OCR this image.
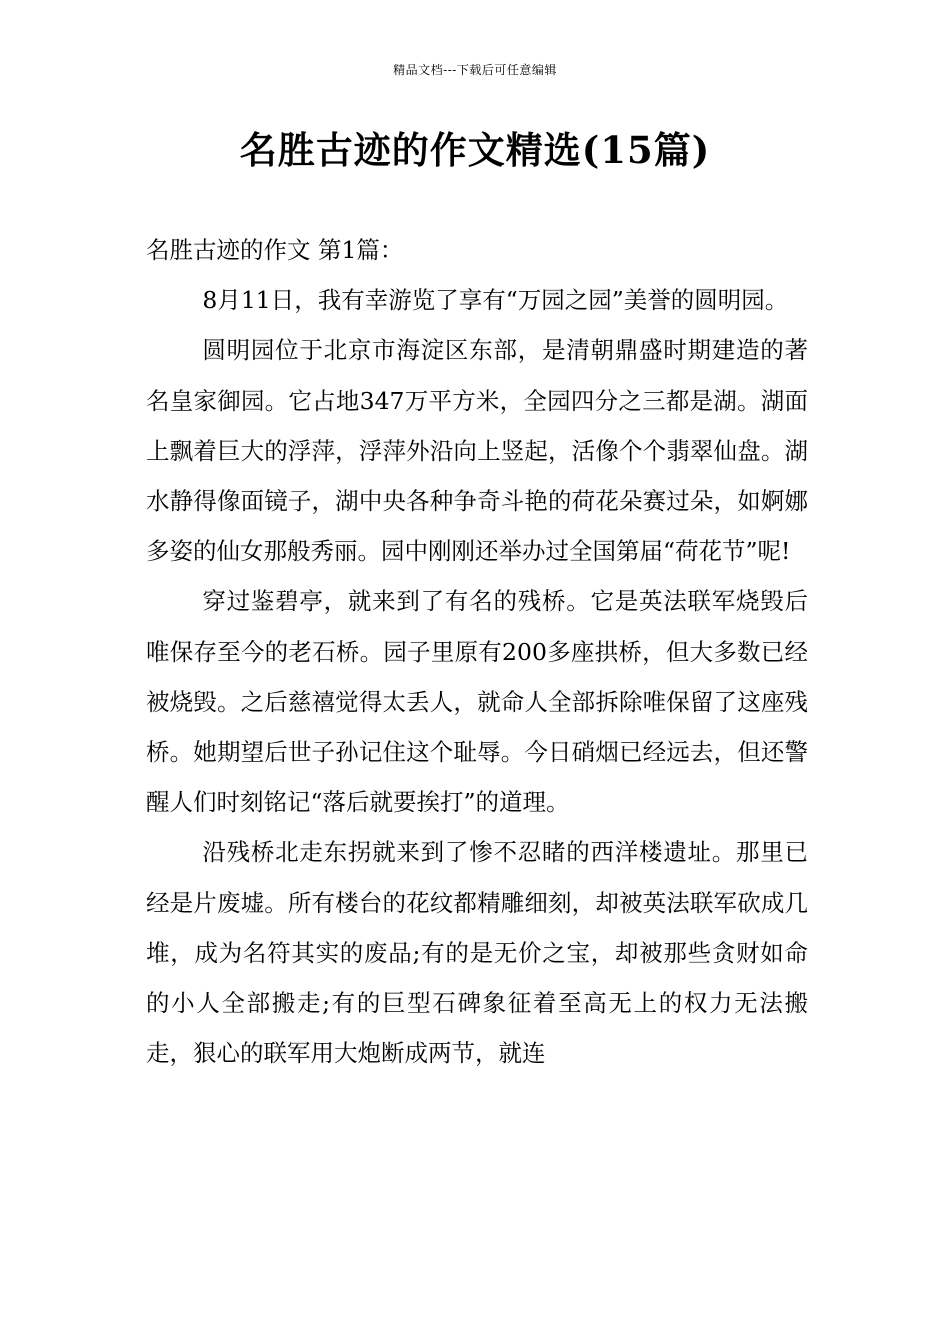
精品文档---下载后可任意编辑
名胜古迹的作文精选(15篇)

名胜古迹的作文 第1篇：

8月11日，我有幸游览了享有“万园之园”美誉的圆明园。

圆明园位于北京市海淀区东部，是清朝鼎盛时期建造的著名皇家御园。它占地347万平方米，全园四分之三都是湖。湖面上飘着巨大的浮萍，浮萍外沿向上竖起，活像个个翡翠仙盘。湖水静得像面镜子，湖中央各种争奇斗艳的荷花朵赛过朵，如婀娜多姿的仙女那般秀丽。园中刚刚还举办过全国第届“荷花节”呢!

穿过鉴碧亭，就来到了有名的残桥。它是英法联军烧毁后唯保存至今的老石桥。园子里原有200多座拱桥，但大多数已经被烧毁。之后慈禧觉得太丢人，就命人全部拆除唯保留了这座残桥。她期望后世子孙记住这个耻辱。今日硝烟已经远去，但还警醒人们时刻铭记“落后就要挨打”的道理。

沿残桥北走东拐就来到了惨不忍睹的西洋楼遗址。那里已经是片废墟。所有楼台的花纹都精雕细刻，却被英法联军砍成几堆，成为名符其实的废品;有的是无价之宝，却被那些贪财如命的小人全部搬走;有的巨型石碑象征着至高无上的权力无法搬走，狠心的联军用大炮断成两节，就连
